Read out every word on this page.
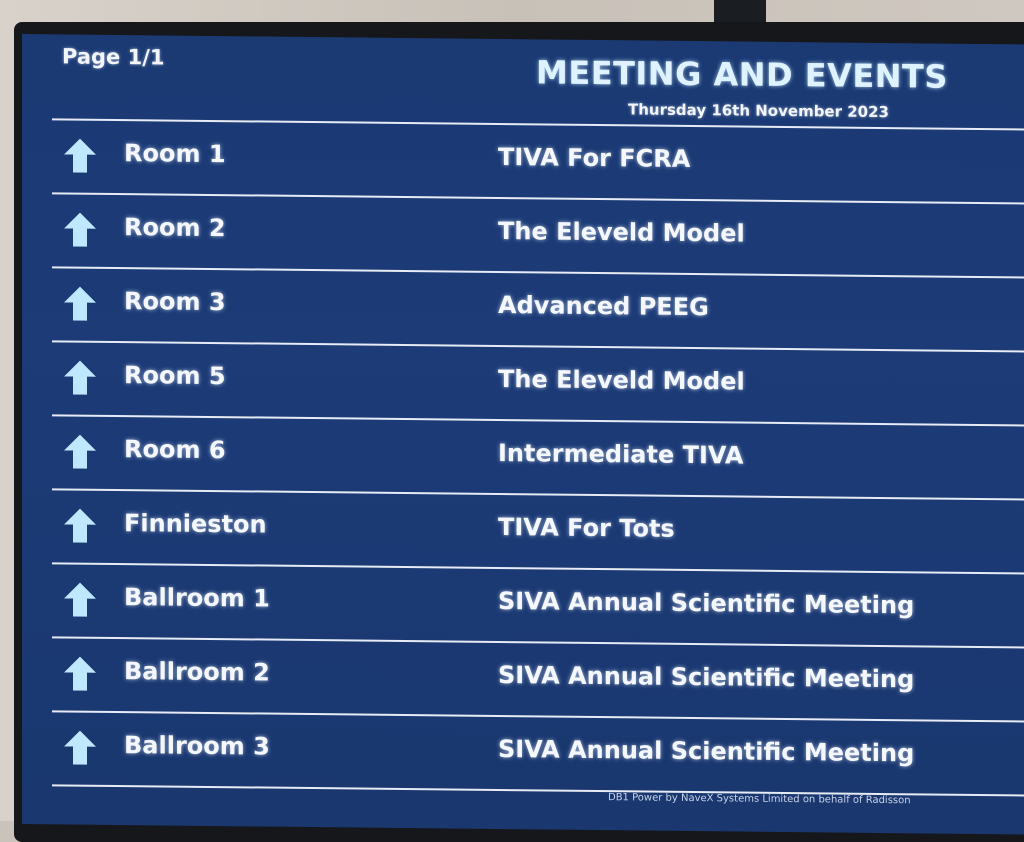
Page 1/1	MEETING AND EVENTS
Thursday 16th November 2023
Room 1	TIVA For FCRA
Room 2	The Eleveld Model
Room 3	Advanced PEEG
Room 5	The Eleveld Model
Room 6	Intermediate TIVA
Finnieston	TIVA For Tots
Ballroom 1	SIVA Annual Scientific Meeting
Ballroom 2	SIVA Annual Scientific Meeting
Ballroom 3	SIVA Annual Scientific Meeting
DB1 Power by NaveX Systems Limited on behalf of Radisson
